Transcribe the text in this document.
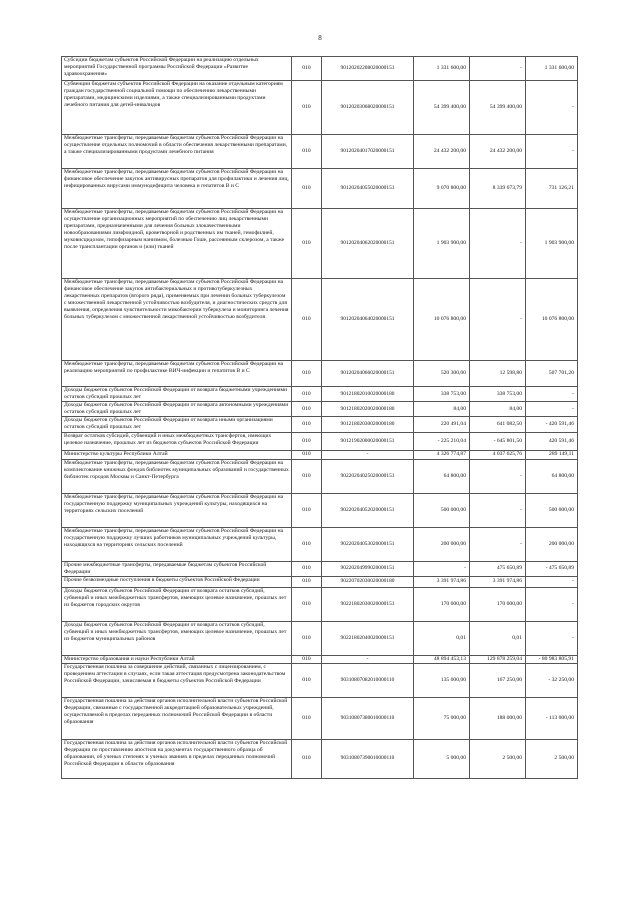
8
Субсидии бюджетам субъектов Российской Федерации на реализацию отдельных мероприятий Государственной программы Российской Федерации «Развитие здравоохранения»	010	90120202208020000151	1 331 600,00	-	1 331 600,00
Субвенции бюджетам субъектов Российской Федерации на оказание отдельным категориям граждан государственной социальной помощи по обеспечению лекарственными препаратами, медицинскими изделиями, а также специализированными продуктами лечебного питания для детей-инвалидов	010	90120203068020000151	54 399 400,00	54 399 400,00	-
Межбюджетные трансферты, передаваемые бюджетам субъектов Российской Федерации на осуществление отдельных полномочий в области обеспечения лекарственными препаратами, а также специализированными продуктами лечебного питания	010	90120204017020000151	24 432 200,00	24 432 200,00	-
Межбюджетные трансферты, передаваемые бюджетам субъектов Российской Федерации на финансовое обеспечение закупок антивирусных препаратов для профилактики и лечения лиц, инфицированных вирусами иммунодефицита человека и гепатитов В и С	010	90120204055020000151	9 070 800,00	8 339 673,79	731 126,21
Межбюджетные трансферты, передаваемые бюджетам субъектов Российской Федерации на осуществление организационных мероприятий по обеспечению лиц лекарственными препаратами, предназначенными для лечения больных злокачественными новообразованиями лимфоидной, кроветворной и родственных им тканей, гемофилией, муковисцидозом, гипофизарным нанизмом, болезнью Гоше, рассеянным склерозом, а также после трансплантации органов и (или) тканей	010	90120204062020000151	1 903 900,00	-	1 903 900,00
Межбюджетные трансферты, передаваемые бюджетам субъектов Российской Федерации на финансовое обеспечение закупок антибактериальных и противотуберкулезных лекарственных препаратов (второго ряда), применяемых при лечении больных туберкулезом с множественной лекарственной устойчивостью возбудителя, и диагностических средств для выявления, определения чувствительности микобактерии туберкулеза и мониторинга лечения больных туберкулезом с множественной лекарственной устойчивостью возбудителя	010	90120204064020000151	10 076 800,00	-	10 076 800,00
Межбюджетные трансферты, передаваемые бюджетам субъектов Российской Федерации на реализацию мероприятий по профилактике ВИЧ-инфекции и гепатитов В и С	010	90120204066020000151	520 300,00	12 598,80	507 701,20
Доходы бюджетов субъектов Российской Федерации от возврата бюджетными учреждениями остатков субсидий прошлых лет	010	90121802010020000180	338 753,00	338 753,00	-
Доходы бюджетов субъектов Российской Федерации от возврата автономными учреждениями остатков субсидий прошлых лет	010	90121802020020000180	84,00	84,00	-
Доходы бюджетов субъектов Российской Федерации от возврата иными организациями остатков субсидий прошлых лет	010	90121802030020000180	220 491,04	641 082,50	- 420 591,46
Возврат остатков субсидий, субвенций и иных межбюджетных трансфертов, имеющих целевое назначение, прошлых лет из бюджетов субъектов Российской Федерации	010	90121902000020000151	- 225 210,04	- 645 801,50	420 591,46
Министерство культуры Республики Алтай	010	-	4 326 774,87	4 037 625,76	289 149,11
Межбюджетные трансферты, передаваемые бюджетам субъектов Российской Федерации на комплектование книжных фондов библиотек муниципальных образований и государственных библиотек городов Москвы и Санкт-Петербурга	010	90220204025020000151	64 800,00	-	64 800,00
Межбюджетные трансферты, передаваемые бюджетам субъектов Российской Федерации на государственную поддержку муниципальных учреждений культуры, находящихся на территориях сельских поселений	010	90220204052020000151	500 000,00	-	500 000,00
Межбюджетные трансферты, передаваемые бюджетам субъектов Российской Федерации на государственную поддержку лучших работников муниципальных учреждений культуры, находящихся на территориях сельских поселений	010	90220204053020000151	200 000,00	-	200 000,00
Прочие межбюджетные трансферты, передаваемые бюджетам субъектов Российской Федерации	010	90220204999020000151	-	475 650,89	- 475 650,89
Прочие безвозмездные поступления в бюджеты субъектов Российской Федерации	010	90220702030020000180	3 391 974,86	3 391 974,86	-
Доходы бюджетов субъектов Российской Федерации от возврата остатков субсидий, субвенций и иных межбюджетных трансфертов, имеющих целевое назначение, прошлых лет из бюджетов городских округов	010	90221802030020000151	170 000,00	170 000,00	-
Доходы бюджетов субъектов Российской Федерации от возврата остатков субсидий, субвенций и иных межбюджетных трансфертов, имеющих целевое назначение, прошлых лет из бюджетов муниципальных районов	010	90221802040020000151	0,01	0,01	-
Министерство образования и науки Республики Алтай	010	-	48 894 453,13	129 878 259,04	- 80 983 805,91
Государственная пошлина за совершение действий, связанных с лицензированием, с проведением аттестации в случаях, если такая аттестация предусмотрена законодательством Российской Федерации, зачисляемая в бюджеты субъектов Российской Федерации	010	90310807082010000110	135 000,00	167 250,00	- 32 250,00
Государственная пошлина за действия органов исполнительной власти субъектов Российской Федерации, связанные с государственной аккредитацией образовательных учреждений, осуществляемой в пределах переданных полномочий Российской Федерации в области образования	010	90310807380010000110	75 000,00	188 000,00	- 113 000,00
Государственная пошлина за действия органов исполнительной власти субъектов Российской Федерации по проставлению апостиля на документах государственного образца об образовании, об ученых степенях и ученых званиях в пределах переданных полномочий Российской Федерации в области образования	010	90310807390010000110	5 000,00	2 500,00	2 500,00
